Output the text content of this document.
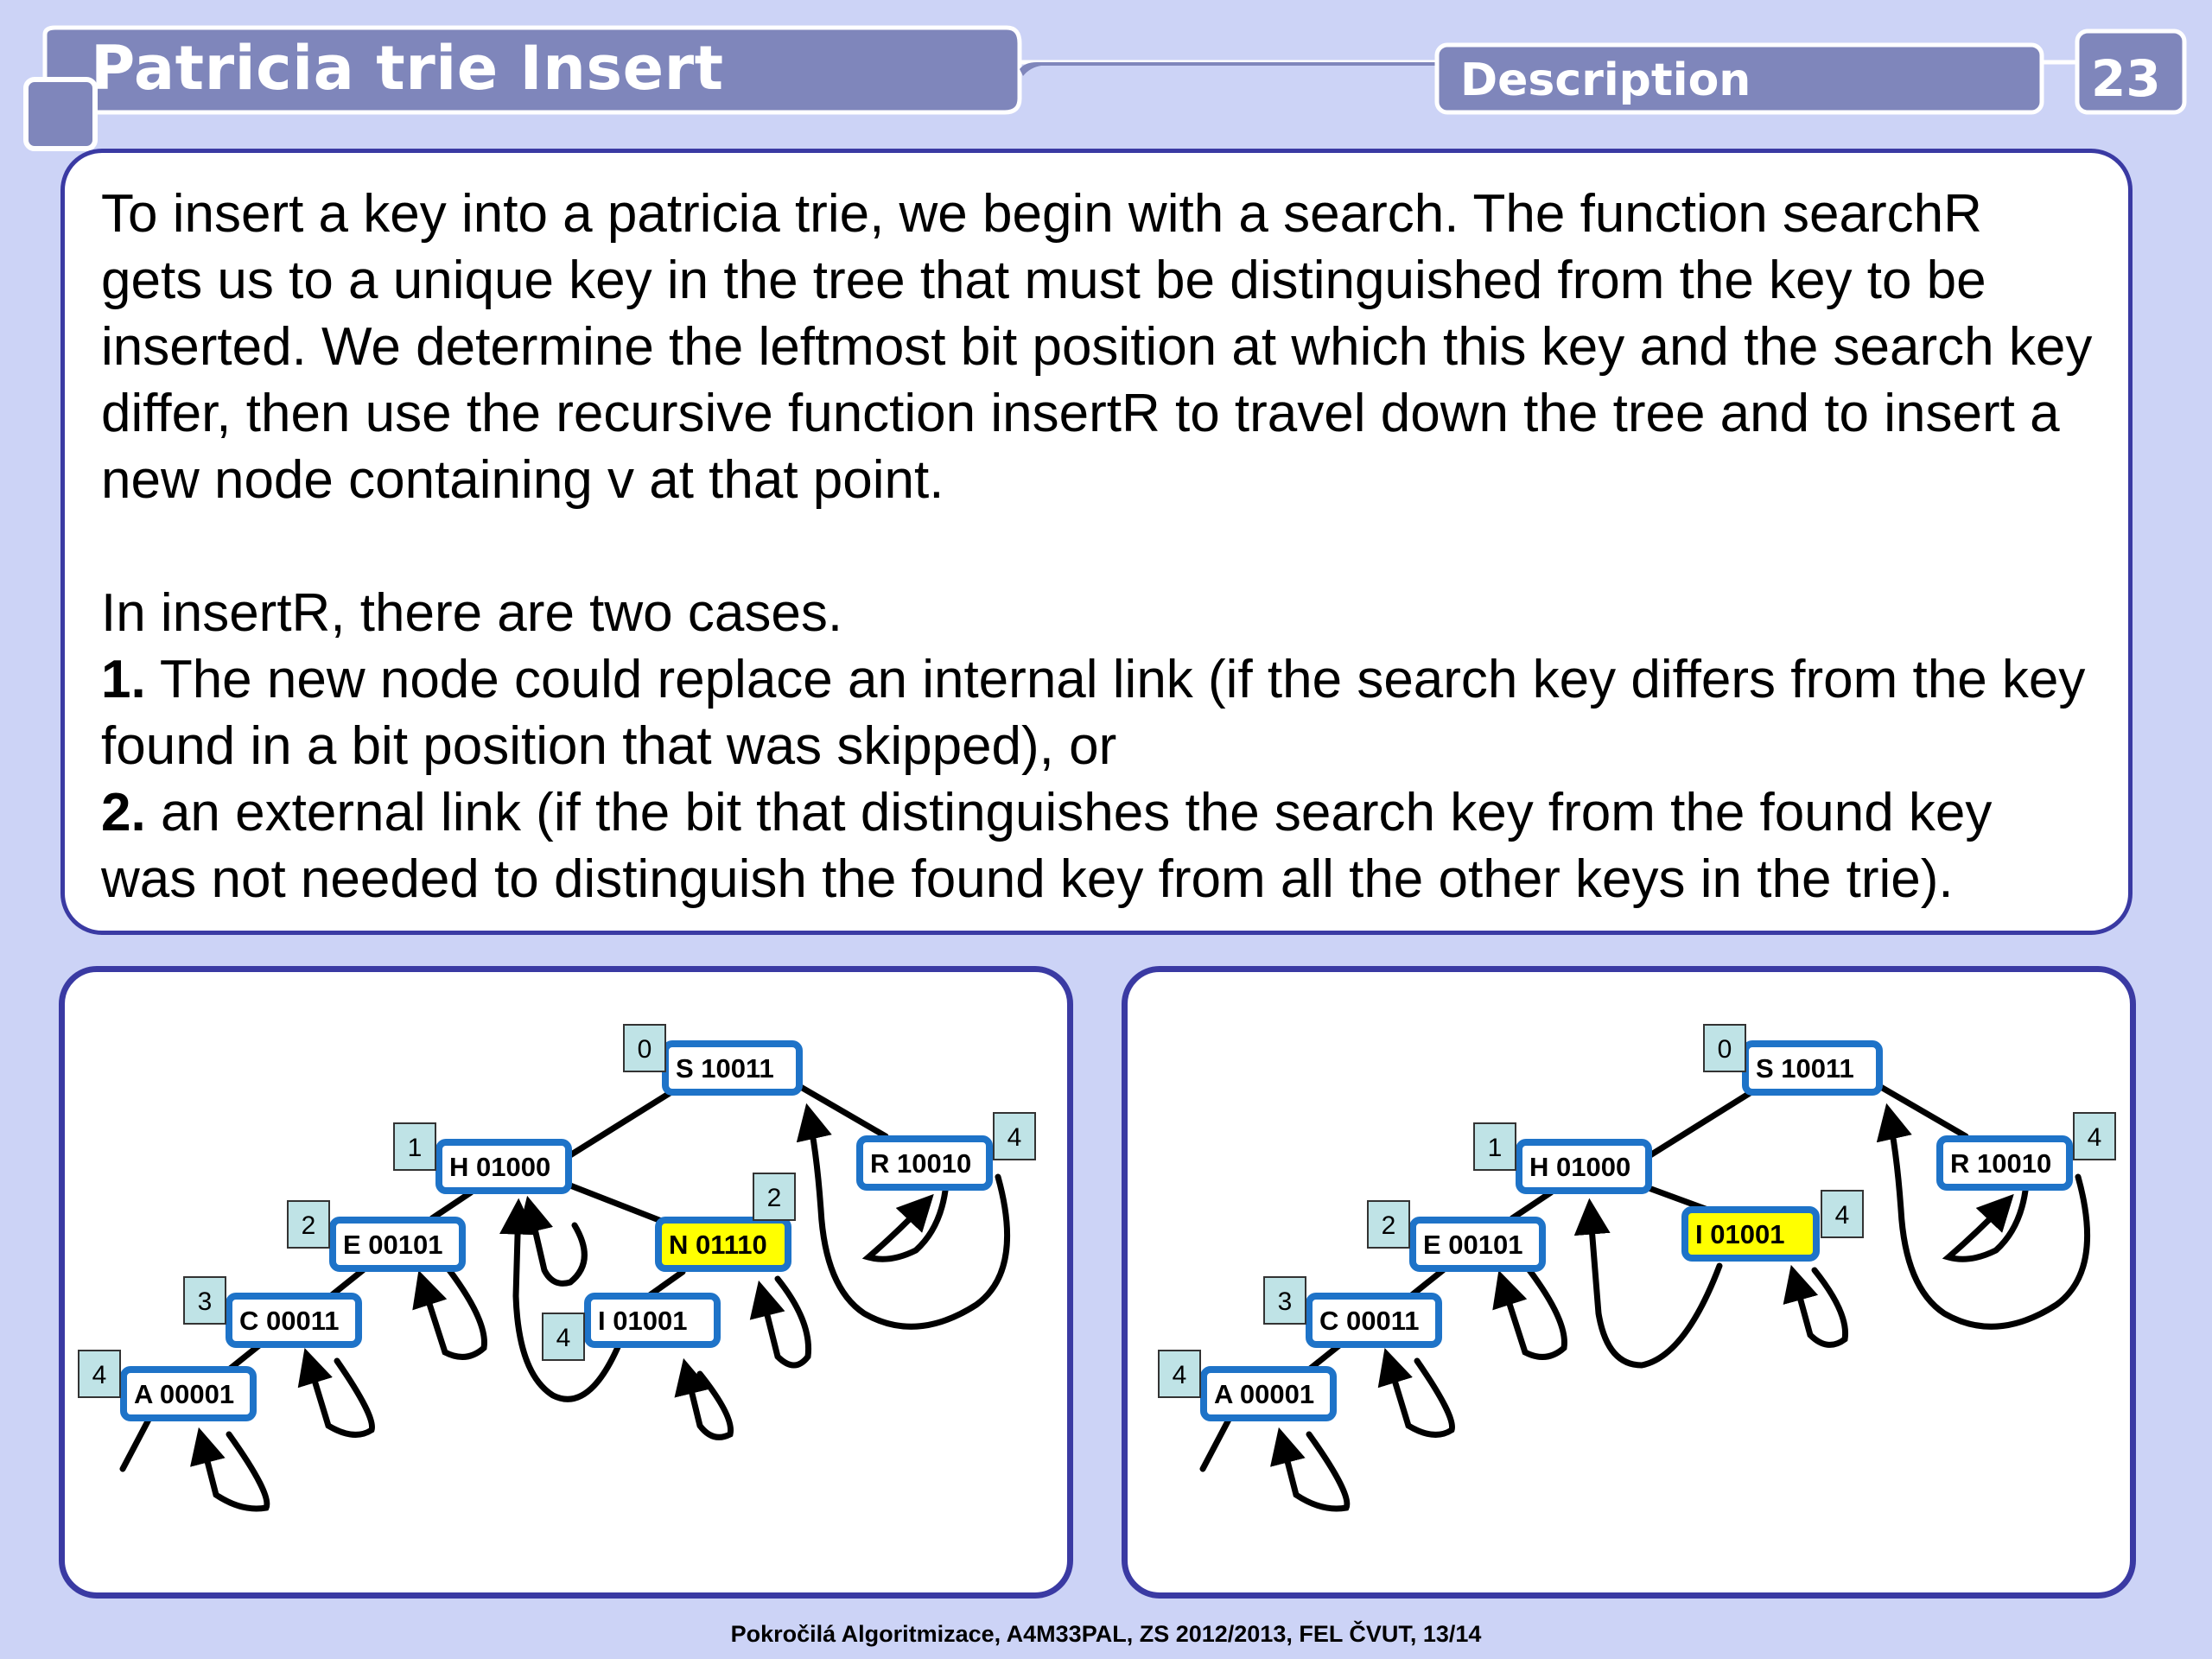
Patricia trie Insert	Description	23

To insert a key into a patricia trie, we begin with a search. The function searchR gets us to a unique key in the tree that must be distinguished from the key to be inserted. We determine the leftmost bit position at which this key and the search key differ, then use the recursive function insertR to travel down the tree and to insert a new node containing v at that point.

In insertR, there are two cases.

1. The new node could replace an internal link (if the search key differs from the key found in a bit position that was skipped), or

2. an external link (if the bit that distinguishes the search key from the found key was not needed to distinguish the found key from all the other keys in the trie).

S 10011
0
H 01000
1
R 10010
4
E 00101
2
N 01110
2
C 00011
3
I 01001
4
A 00001
4
S 10011
0
H 01000
1
R 10010
4
E 00101
2	I 01001
4
C 00011
3
A 00001
4
Pokročilá Algoritmizace, A4M33PAL, ZS 2012/2013, FEL ČVUT, 13/14
